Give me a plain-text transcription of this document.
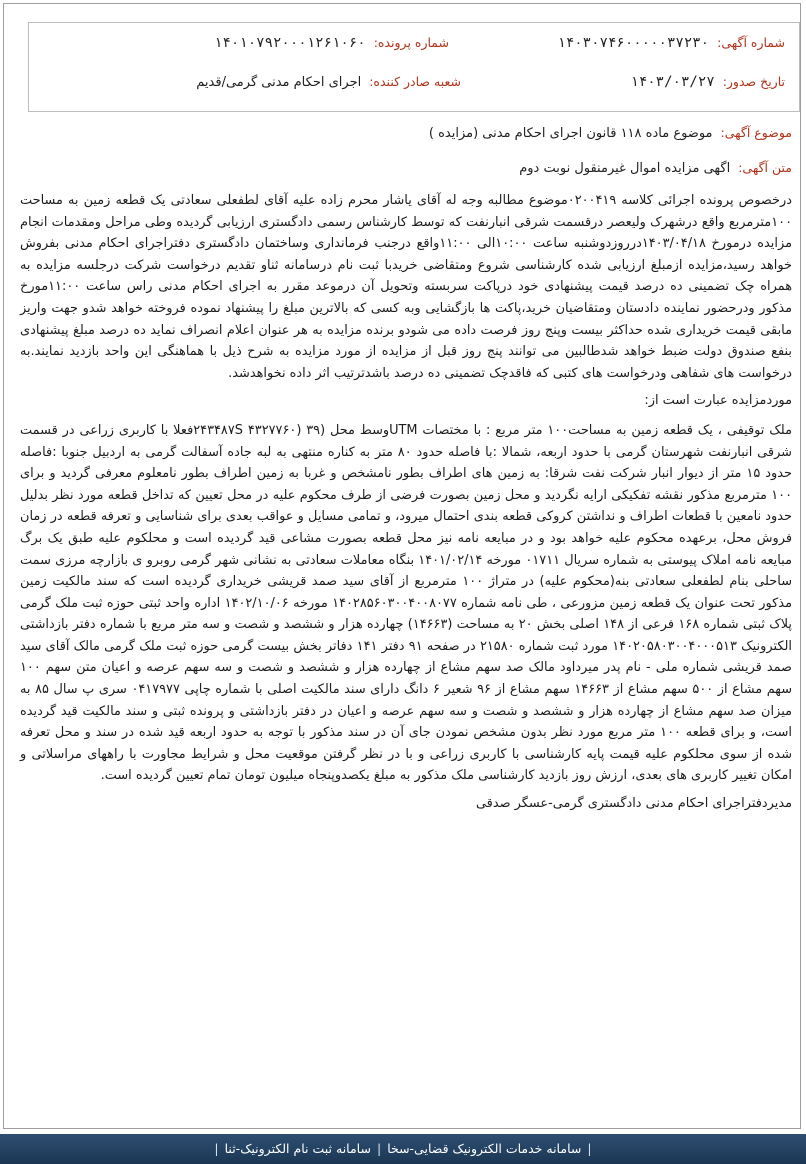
شماره آگهی:۱۴۰۳۰۷۴۶۰۰۰۰۰۳۷۲۳۰
شماره پرونده:۱۴۰۱۰۷۹۲۰۰۰۱۲۶۱۰۶۰
تاریخ صدور:۱۴۰۳/۰۳/۲۷
شعبه صادر کننده:اجرای احکام مدنی گرمی/قدیم
موضوع آگهی:موضوع ماده ۱۱۸ قانون اجرای احکام مدنی (مزایده )
متن آگهی:اگهی مزایده اموال غیرمنقول نوبت دوم

درخصوص پرونده اجرائی کلاسه ۰۲۰۰۴۱۹موضوع مطالبه وجه له آقای یاشار محرم زاده علیه آقای لطفعلی سعادتی یک قطعه زمین به مساحت ۱۰۰مترمربع واقع درشهرک ولیعصر درقسمت شرقی انبارنفت که توسط کارشناس رسمی دادگستری ارزیابی گردیده وطی مراحل ومقدمات انجام مزایده درمورخ ۱۴۰۳/۰۴/۱۸درروزدوشنبه ساعت ۱۰:۰۰الی ۱۱:۰۰واقع درجنب فرمانداری وساختمان دادگستری دفتراجرای احکام مدنی بفروش خواهد رسید،مزایده ازمبلغ ارزیابی شده کارشناسی شروع ومتقاضی خریدبا ثبت نام درسامانه ثناو تقدیم درخواست شرکت درجلسه مزایده به همراه چک تضمینی ده درصد قیمت پیشنهادی خود درپاکت سربسته وتحویل آن درموعد مقرر به اجرای احکام مدنی راس ساعت ۱۱:۰۰مورخ مذکور ودرحضور نماینده دادستان ومتقاضیان خرید،پاکت ها بازگشایی وبه کسی که بالاترین مبلغ را پیشنهاد نموده فروخته خواهد شدو جهت واریز مابقی قیمت خریداری شده حداکثر بیست وپنج روز فرصت داده می شودو برنده مزایده به هر عنوان اعلام انصراف نماید ده درصد مبلغ پیشنهادی بنفع صندوق دولت ضبط خواهد شدطالبین می توانند پنج روز قبل از مزایده از مورد مزایده به شرح ذیل با هماهنگی این واحد بازدید نمایند.به درخواست های شفاهی ودرخواست های کتبی که فاقدچک تضمینی ده درصد باشدترتیب اثر داده نخواهدشد.

موردمزایده عبارت است از:

ملک توقیفی ، یک قطعه زمین به مساحت۱۰۰ متر مربع : با مختصات UTMوسط محل (۳۹ (۴۳۲۷۷۶۰ ۲۴۳۴۸۷Sفعلا با کاربری زراعی در قسمت شرقی انبارنفت شهرستان گرمی با حدود اربعه، شمالا :با فاصله حدود ۸۰ متر به کناره منتهی به لبه جاده آسفالت گرمی به اردبیل جنوبا :فاصله حدود ۱۵ متر از دیوار انبار شرکت نفت شرقا: به زمین های اطراف بطور نامشخص و غربا به زمین اطراف بطور نامعلوم معرفی گردید و برای ۱۰۰ مترمربع مذکور نقشه تفکیکی ارایه نگردید و محل زمین بصورت فرضی از طرف محکوم علیه در محل تعیین که تداخل قطعه مورد نظر بدلیل حدود نامعین با قطعات اطراف و نداشتن کروکی قطعه بندی احتمال میرود، و تمامی مسایل و عواقب بعدی برای شناسایی و تعرفه قطعه در زمان فروش محل، برعهده محکوم علیه خواهد بود و در مبایعه نامه نیز محل قطعه بصورت مشاعی قید گردیده است و محلکوم علیه طبق یک برگ مبایعه نامه املاک پیوستی به شماره سریال ۰۱۷۱۱ مورخه ۱۴۰۱/۰۲/۱۴ بنگاه معاملات سعادتی به نشانی شهر گرمی روبرو ی بازارچه مرزی سمت ساحلی بنام لطفعلی سعادتی بنه(محکوم علیه) در متراژ ۱۰۰ مترمربع از آقای سید صمد قریشی خریداری گردیده است که سند مالکیت زمین مذکور تحت عنوان یک قطعه زمین مزورعی ، طی نامه شماره ۱۴۰۲۸۵۶۰۳۰۰۴۰۰۸۰۷۷ مورخه ۱۴۰۲/۱۰/۰۶ اداره واحد ثبتی حوزه ثبت ملک گرمی پلاک ثبتی شماره ۱۶۸ فرعی از ۱۴۸ اصلی بخش ۲۰ به مساحت (۱۴۶۶۳) چهارده هزار و ششصد و شصت و سه متر مربع با شماره دفتر بازداشتی الکترونیک ۱۴۰۲۰۵۸۰۳۰۰۴۰۰۰۵۱۳ مورد ثبت شماره ۲۱۵۸۰ در صفحه ۹۱ دفتر ۱۴۱ دفاتر بخش بیست گرمی حوزه ثبت ملک گرمی مالک آقای سید صمد قریشی شماره ملی - نام پدر میرداود مالک صد سهم مشاع از چهارده هزار و ششصد و شصت و سه سهم عرصه و اعیان متن سهم ۱۰۰ سهم مشاع از ۵۰۰ سهم مشاع از ۱۴۶۶۳ سهم مشاع از ۹۶ شعیر ۶ دانگ دارای سند مالکیت اصلی با شماره چاپی ۰۴۱۷۹۷۷ سری پ سال ۸۵ به میزان صد سهم مشاع از چهارده هزار و ششصد و شصت و سه سهم عرصه و اعیان در دفتر بازداشتی و پرونده ثبتی و سند مالکیت قید گردیده است، و برای قطعه ۱۰۰ متر مربع مورد نظر بدون مشخص نمودن جای آن در سند مذکور با توجه به حدود اربعه قید شده در سند و محل تعرفه شده از سوی محلکوم علیه قیمت پایه کارشناسی با کاربری زراعی و با در نظر گرفتن موقعیت محل و شرایط مجاورت با راههای مراسلاتی و امکان تغییر کاربری های بعدی، ارزش روز بازدید کارشناسی ملک مذکور به مبلغ یکصدوپنجاه میلیون تومان تمام تعیین گردیده است.

مدیردفتراجرای احکام مدنی دادگستری گرمی-عسگر صدقی

|سامانه خدمات الکترونیک قضایی-سخا|سامانه ثبت نام الکترونیک-ثنا|
